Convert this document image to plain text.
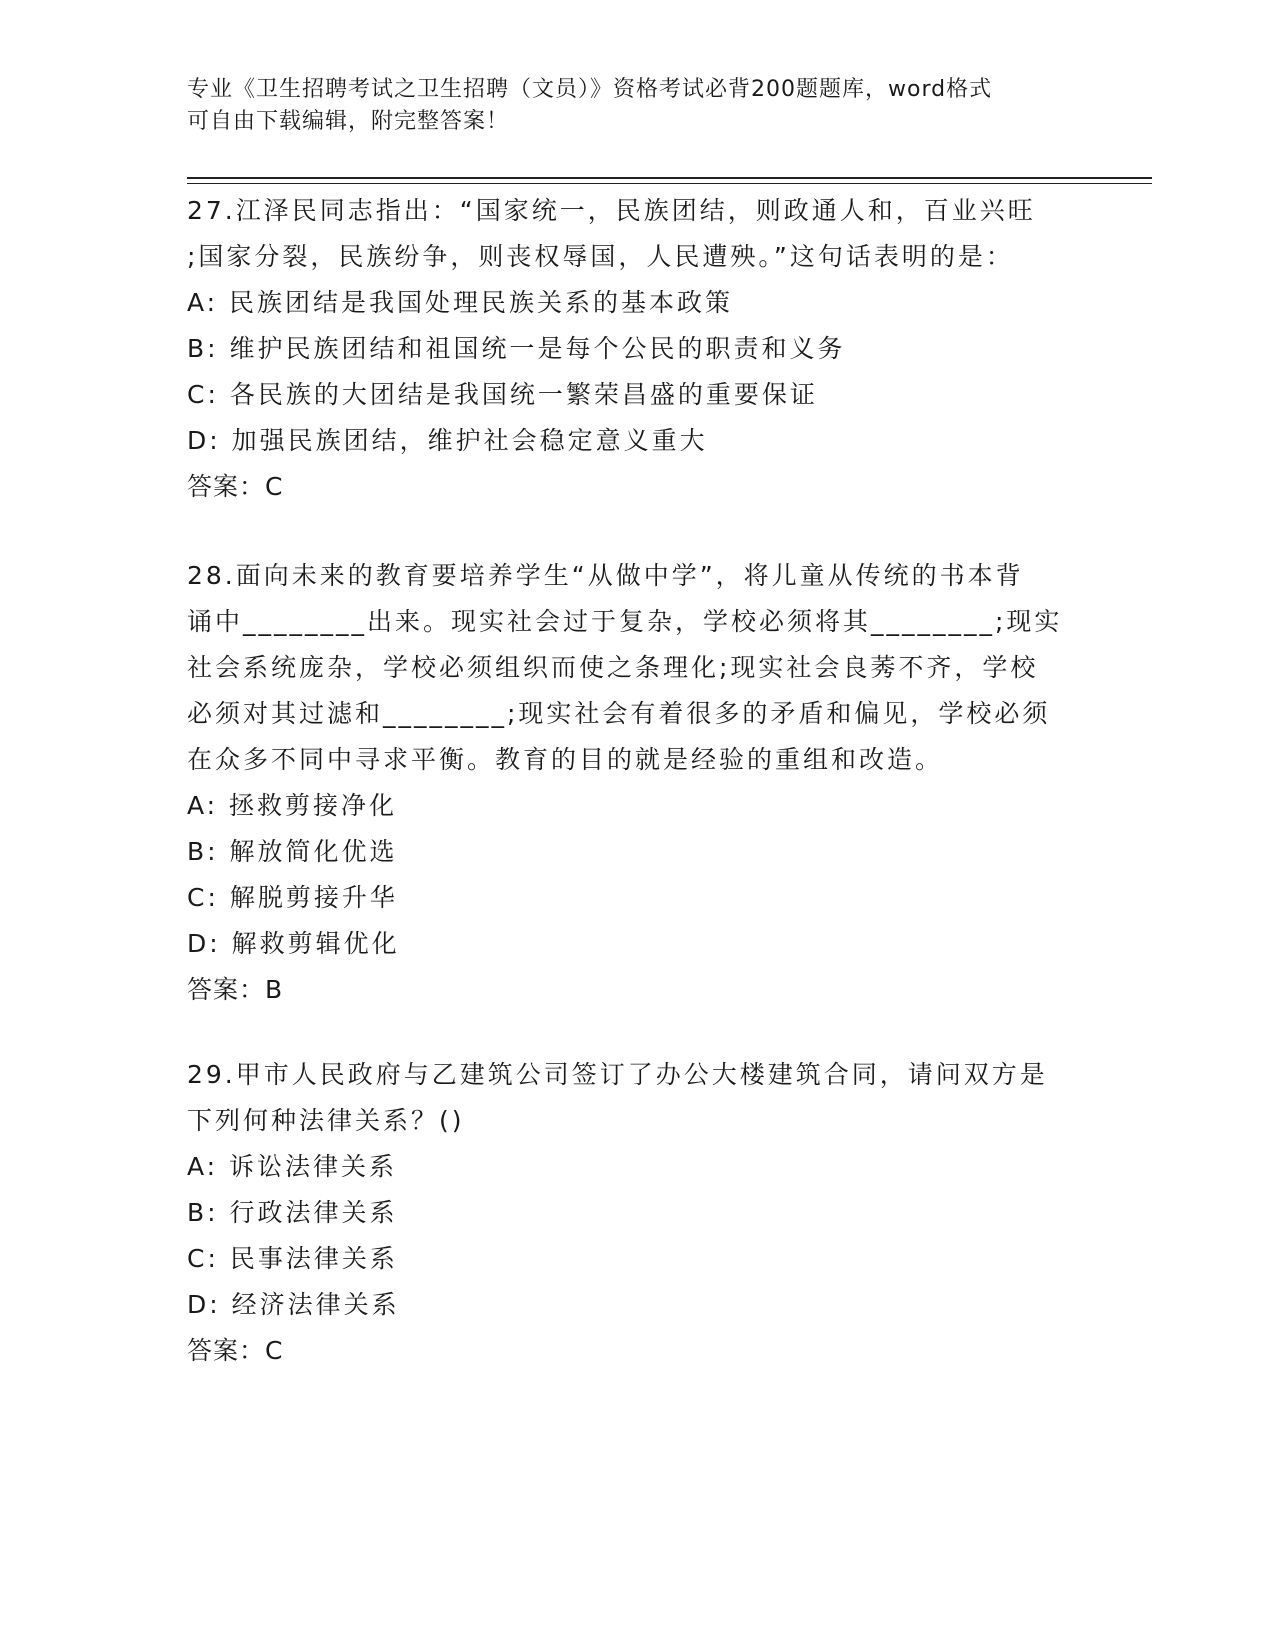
专业《卫生招聘考试之卫生招聘（文员）》资格考试必背200题题库，word格式
可自由下载编辑，附完整答案！
27.江泽民同志指出：“国家统一，民族团结，则政通人和，百业兴旺
;国家分裂，民族纷争，则丧权辱国，人民遭殃。”这句话表明的是：
A: 民族团结是我国处理民族关系的基本政策
B: 维护民族团结和祖国统一是每个公民的职责和义务
C: 各民族的大团结是我国统一繁荣昌盛的重要保证
D: 加强民族团结，维护社会稳定意义重大
答案：C
28.面向未来的教育要培养学生“从做中学”，将儿童从传统的书本背
诵中________出来。现实社会过于复杂，学校必须将其________;现实
社会系统庞杂，学校必须组织而使之条理化;现实社会良莠不齐，学校
必须对其过滤和________;现实社会有着很多的矛盾和偏见，学校必须
在众多不同中寻求平衡。教育的目的就是经验的重组和改造。
A: 拯救剪接净化
B: 解放简化优选
C: 解脱剪接升华
D: 解救剪辑优化
答案：B
29.甲市人民政府与乙建筑公司签订了办公大楼建筑合同，请问双方是
下列何种法律关系？()
A: 诉讼法律关系
B: 行政法律关系
C: 民事法律关系
D: 经济法律关系
答案：C
